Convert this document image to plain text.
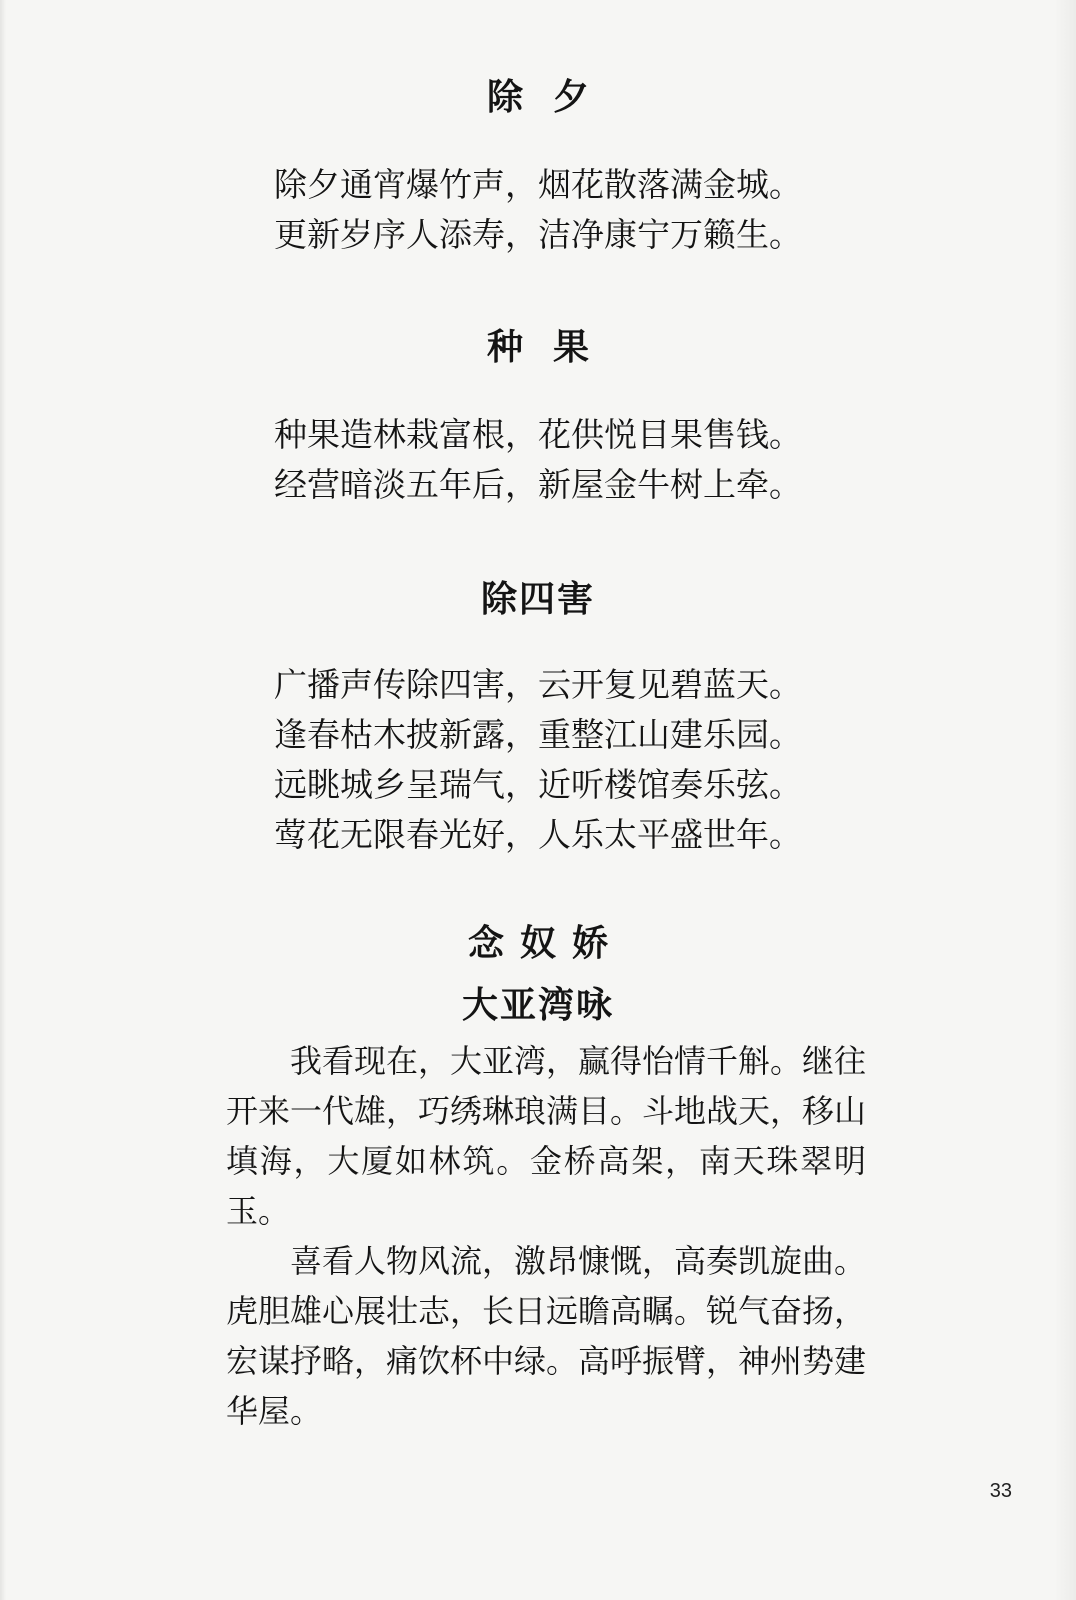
除夕
除夕通宵爆竹声，烟花散落满金城。
更新岁序人添寿，洁净康宁万籁生。
种果
种果造林栽富根，花供悦目果售钱。
经营暗淡五年后，新屋金牛树上牵。
除四害
广播声传除四害，云开复见碧蓝天。
逢春枯木披新露，重整江山建乐园。
远眺城乡呈瑞气，近听楼馆奏乐弦。
莺花无限春光好，人乐太平盛世年。
念奴娇
大亚湾咏
我看现在，大亚湾，赢得怡情千斛。继往开来一代雄，巧绣琳琅满目。斗地战天，移山填海，大厦如林筑。金桥高架，南天珠翠明玉。
喜看人物风流，激昂慷慨，高奏凯旋曲。虎胆雄心展壮志，长日远瞻高瞩。锐气奋扬，宏谋抒略，痛饮杯中绿。高呼振臂，神州势建华屋。
33
